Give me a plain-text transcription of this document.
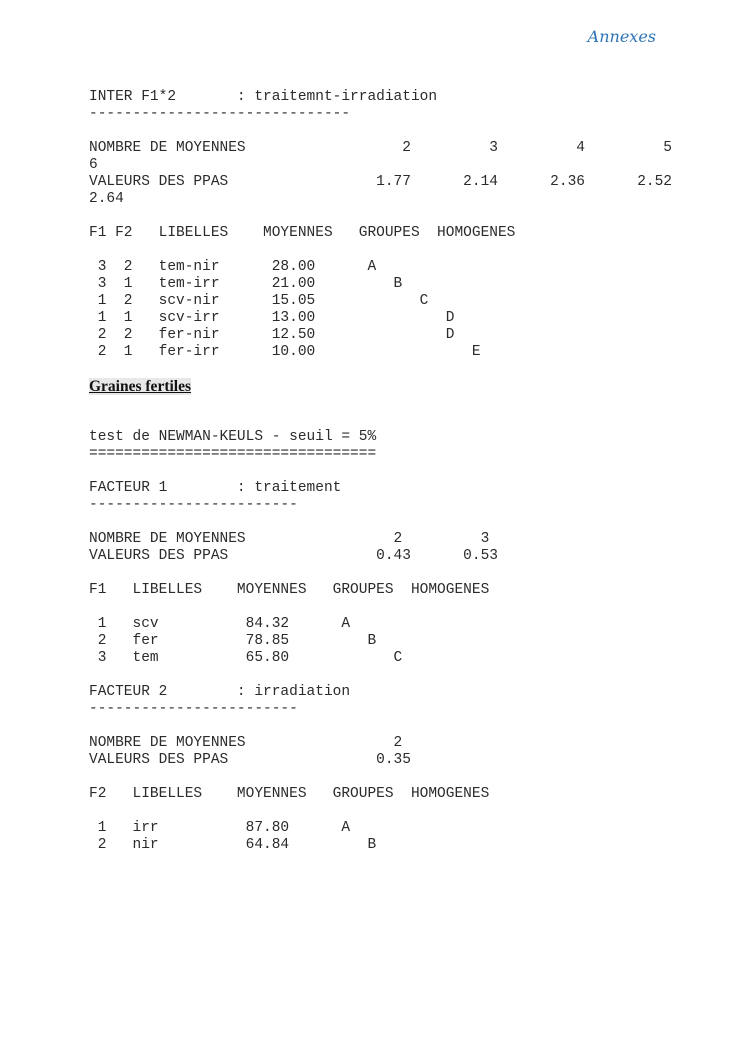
Annexes
INTER F1*2       : traitemnt-irradiation
------------------------------
NOMBRE DE MOYENNES                  2         3         4         5
6
VALEURS DES PPAS                 1.77      2.14      2.36      2.52
2.64
F1 F2   LIBELLES    MOYENNES   GROUPES  HOMOGENES
3  2   tem-nir      28.00      A
3  1   tem-irr      21.00         B
1  2   scv-nir      15.05            C
1  1   scv-irr      13.00               D
2  2   fer-nir      12.50               D
2  1   fer-irr      10.00                  E
Graines fertiles
test de NEWMAN-KEULS - seuil = 5%
=================================
FACTEUR 1        : traitement
------------------------
NOMBRE DE MOYENNES                 2         3
VALEURS DES PPAS                 0.43      0.53
F1   LIBELLES    MOYENNES   GROUPES  HOMOGENES
1   scv          84.32      A
2   fer          78.85         B
3   tem          65.80            C
FACTEUR 2        : irradiation
------------------------
NOMBRE DE MOYENNES                 2
VALEURS DES PPAS                 0.35
F2   LIBELLES    MOYENNES   GROUPES  HOMOGENES
1   irr          87.80      A
2   nir          64.84         B
